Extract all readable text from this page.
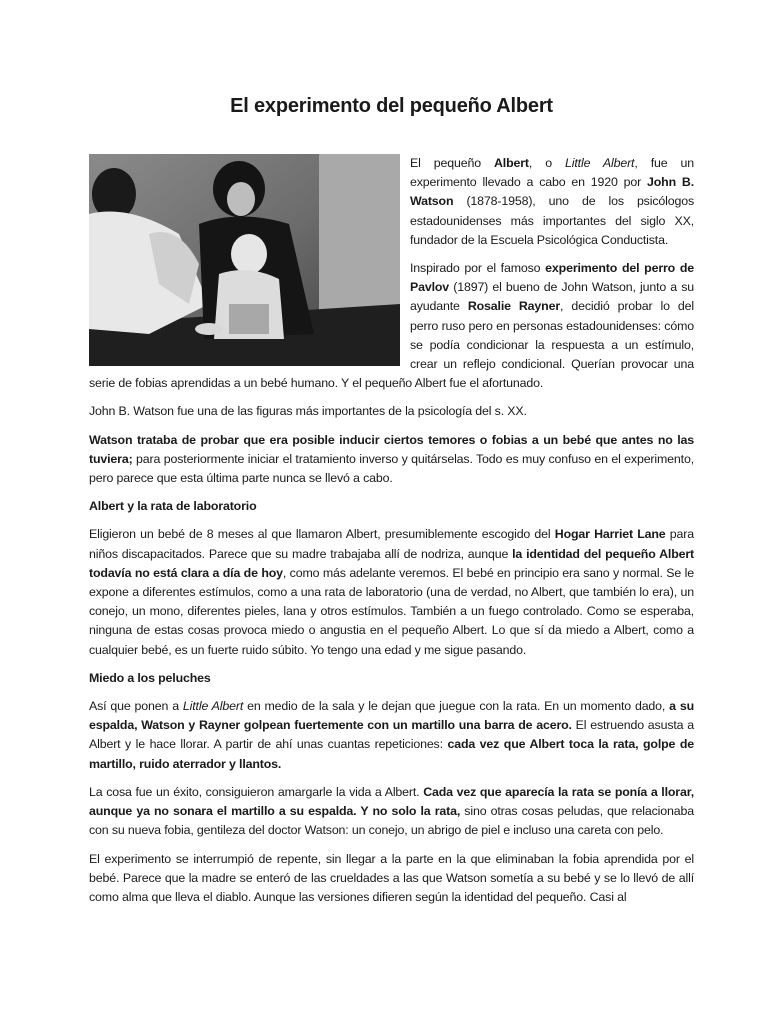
El experimento del pequeño Albert

El pequeño Albert, o Little Albert, fue un experimento llevado a cabo en 1920 por John B. Watson (1878-1958), uno de los psicólogos estadounidenses más importantes del siglo XX, fundador de la Escuela Psicológica Conductista.

Inspirado por el famoso experimento del perro de Pavlov (1897) el bueno de John Watson, junto a su ayudante Rosalie Rayner, decidió probar lo del perro ruso pero en personas estadounidenses: cómo se podía condicionar la respuesta a un estímulo, crear un reflejo condicional. Querían provocar una serie de fobias aprendidas a un bebé humano. Y el pequeño Albert fue el afortunado.

John B. Watson fue una de las figuras más importantes de la psicología del s. XX.

Watson trataba de probar que era posible inducir ciertos temores o fobias a un bebé que antes no las tuviera; para posteriormente iniciar el tratamiento inverso y quitárselas. Todo es muy confuso en el experimento, pero parece que esta última parte nunca se llevó a cabo.

Albert y la rata de laboratorio

Eligieron un bebé de 8 meses al que llamaron Albert, presumiblemente escogido del Hogar Harriet Lane para niños discapacitados. Parece que su madre trabajaba allí de nodriza, aunque la identidad del pequeño Albert todavía no está clara a día de hoy, como más adelante veremos. El bebé en principio era sano y normal. Se le expone a diferentes estímulos, como a una rata de laboratorio (una de verdad, no Albert, que también lo era), un conejo, un mono, diferentes pieles, lana y otros estímulos. También a un fuego controlado. Como se esperaba, ninguna de estas cosas provoca miedo o angustia en el pequeño Albert. Lo que sí da miedo a Albert, como a cualquier bebé, es un fuerte ruido súbito. Yo tengo una edad y me sigue pasando.

Miedo a los peluches

Así que ponen a Little Albert en medio de la sala y le dejan que juegue con la rata. En un momento dado, a su espalda, Watson y Rayner golpean fuertemente con un martillo una barra de acero. El estruendo asusta a Albert y le hace llorar. A partir de ahí unas cuantas repeticiones: cada vez que Albert toca la rata, golpe de martillo, ruido aterrador y llantos.

La cosa fue un éxito, consiguieron amargarle la vida a Albert. Cada vez que aparecía la rata se ponía a llorar, aunque ya no sonara el martillo a su espalda. Y no solo la rata, sino otras cosas peludas, que relacionaba con su nueva fobia, gentileza del doctor Watson: un conejo, un abrigo de piel e incluso una careta con pelo.

El experimento se interrumpió de repente, sin llegar a la parte en la que eliminaban la fobia aprendida por el bebé. Parece que la madre se enteró de las crueldades a las que Watson sometía a su bebé y se lo llevó de allí como alma que lleva el diablo. Aunque las versiones difieren según la identidad del pequeño. Casi al
